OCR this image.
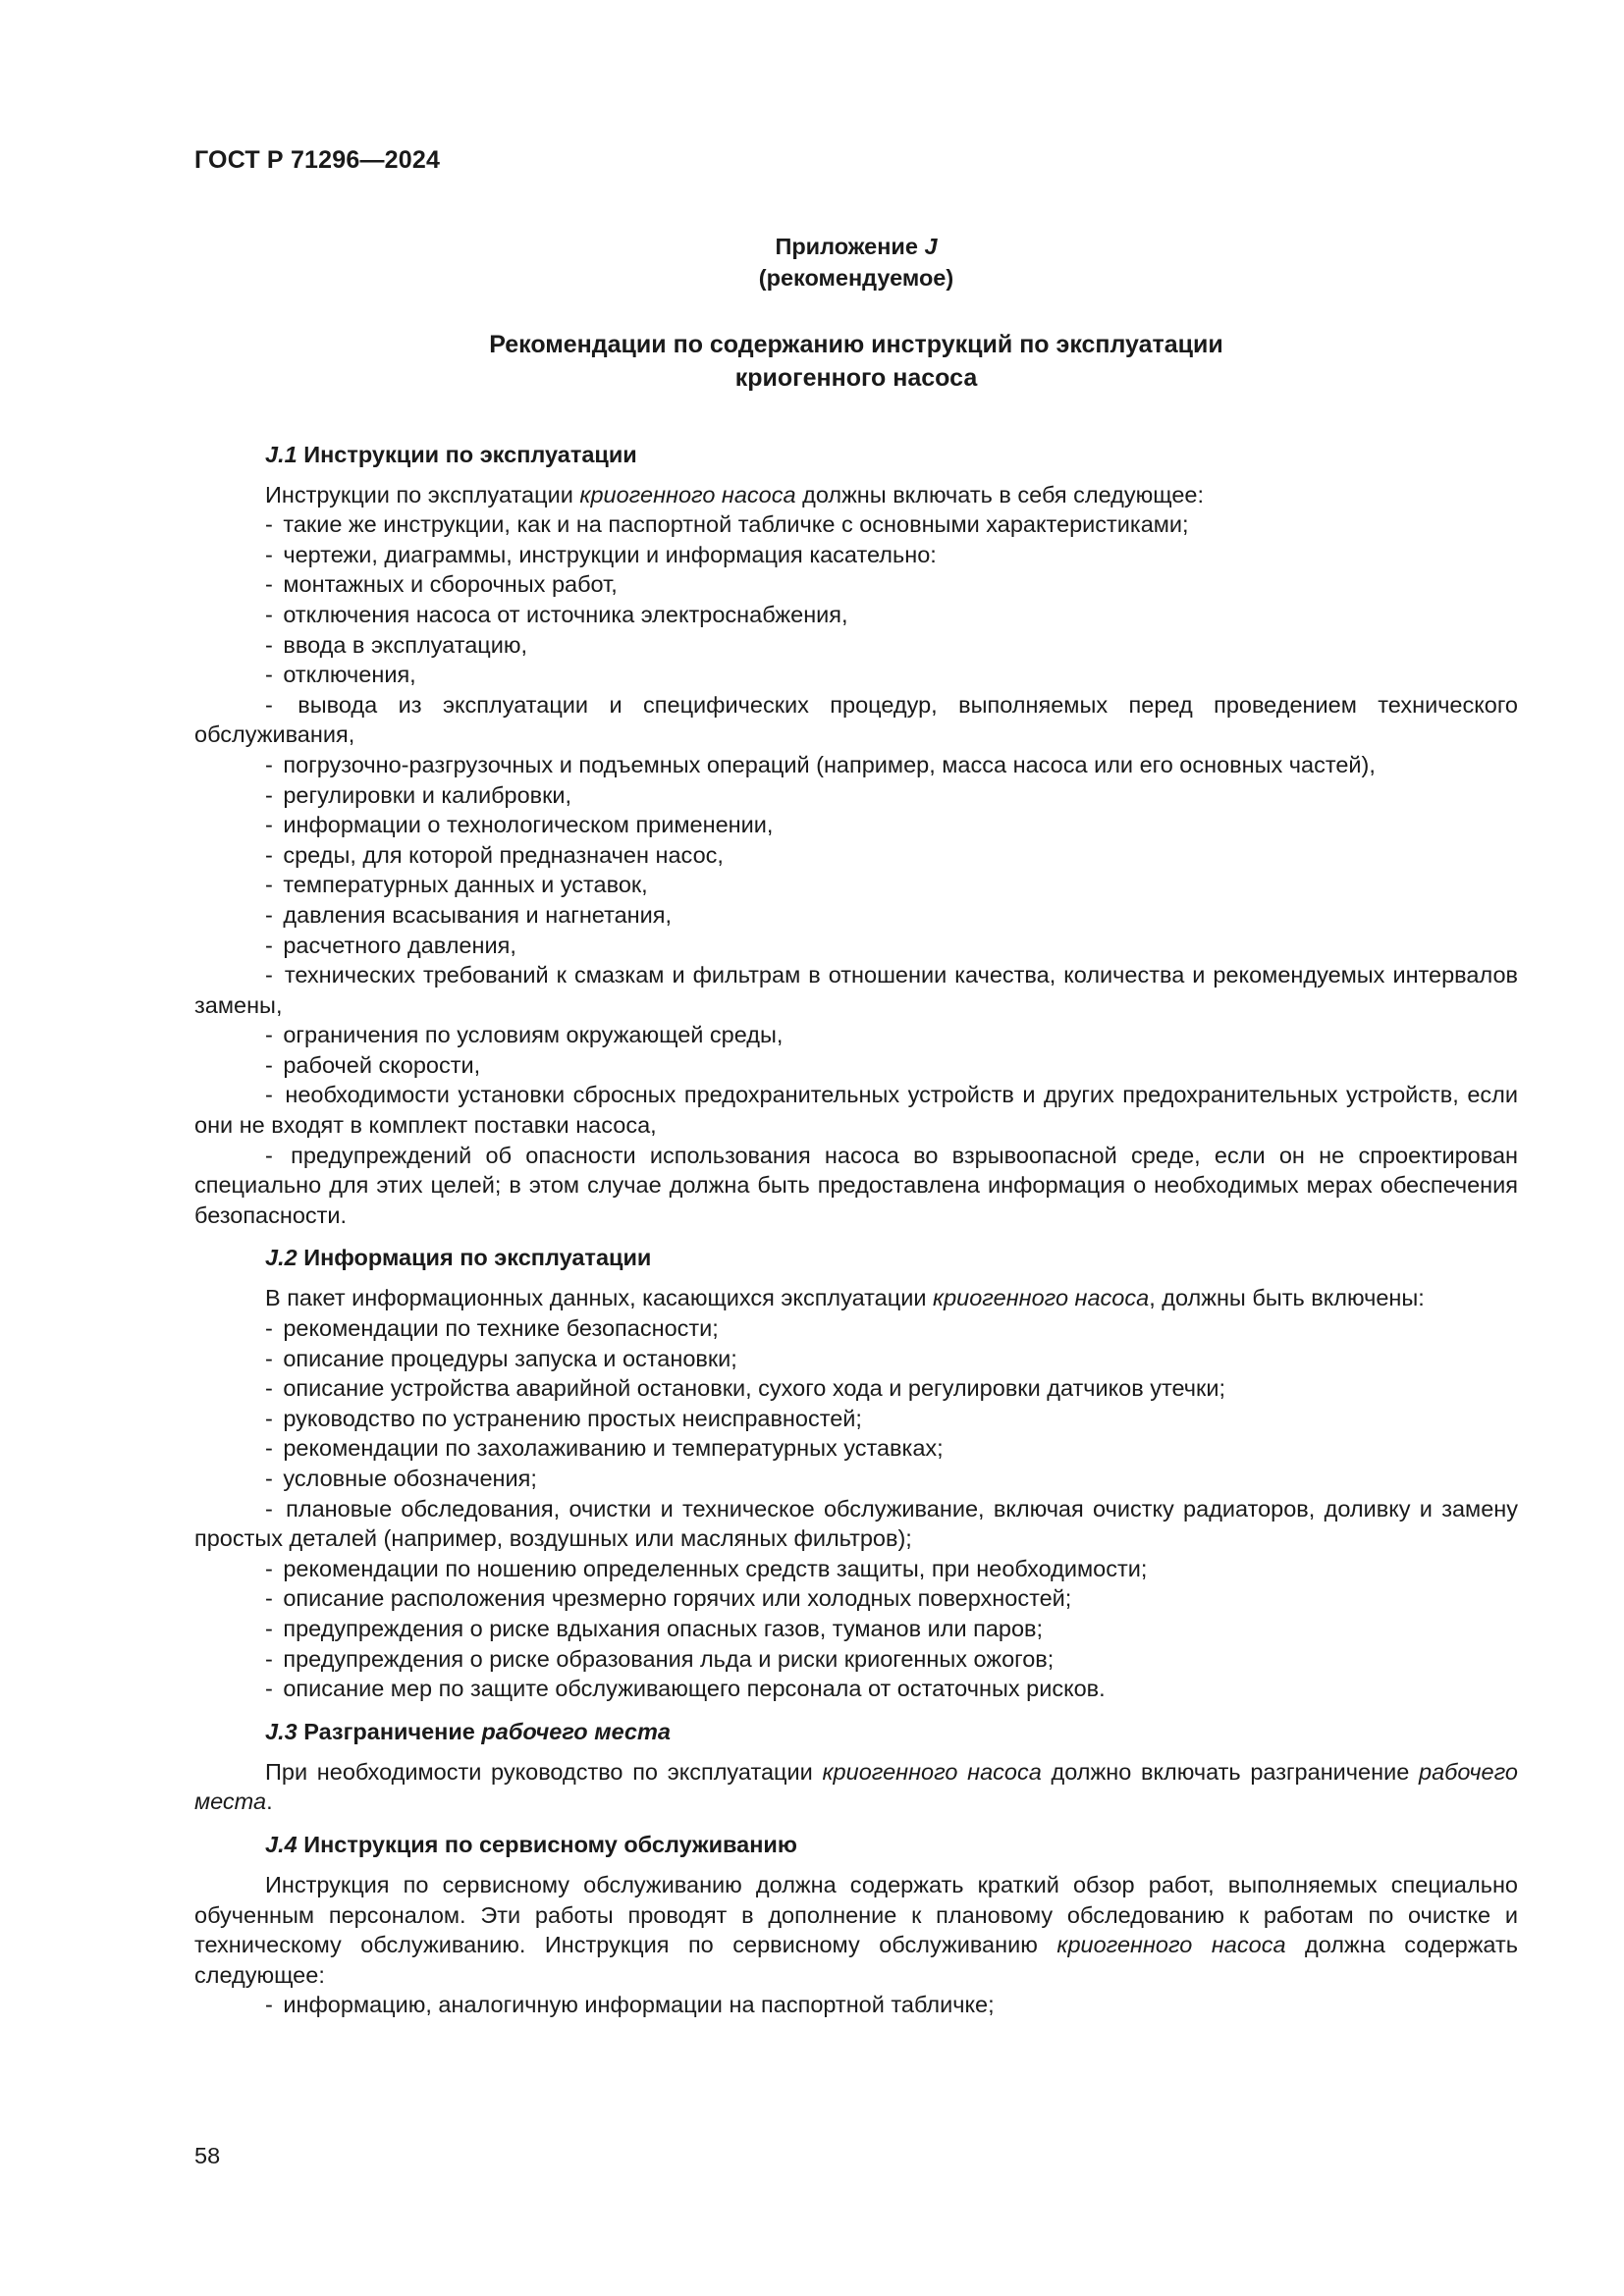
ГОСТ Р 71296—2024

Приложение J

(рекомендуемое)

Рекомендации по содержанию инструкций по эксплуатации
криогенного насоса

J.1 Инструкции по эксплуатации

Инструкции по эксплуатации криогенного насоса должны включать в себя следующее:

- такие же инструкции, как и на паспортной табличке с основными характеристиками;

- чертежи, диаграммы, инструкции и информация касательно:

- монтажных и сборочных работ,

- отключения насоса от источника электроснабжения,

- ввода в эксплуатацию,

- отключения,

- вывода из эксплуатации и специфических процедур, выполняемых перед проведением технического обслуживания,

- погрузочно-разгрузочных и подъемных операций (например, масса насоса или его основных частей),

- регулировки и калибровки,

- информации о технологическом применении,

- среды, для которой предназначен насос,

- температурных данных и уставок,

- давления всасывания и нагнетания,

- расчетного давления,

- технических требований к смазкам и фильтрам в отношении качества, количества и рекомендуемых интервалов замены,

- ограничения по условиям окружающей среды,

- рабочей скорости,

- необходимости установки сбросных предохранительных устройств и других предохранительных устройств, если они не входят в комплект поставки насоса,

- предупреждений об опасности использования насоса во взрывоопасной среде, если он не спроектирован специально для этих целей; в этом случае должна быть предоставлена информация о необходимых мерах обеспечения безопасности.

J.2 Информация по эксплуатации

В пакет информационных данных, касающихся эксплуатации криогенного насоса, должны быть включены:

- рекомендации по технике безопасности;

- описание процедуры запуска и остановки;

- описание устройства аварийной остановки, сухого хода и регулировки датчиков утечки;

- руководство по устранению простых неисправностей;

- рекомендации по захолаживанию и температурных уставках;

- условные обозначения;

- плановые обследования, очистки и техническое обслуживание, включая очистку радиаторов, доливку и замену простых деталей (например, воздушных или масляных фильтров);

- рекомендации по ношению определенных средств защиты, при необходимости;

- описание расположения чрезмерно горячих или холодных поверхностей;

- предупреждения о риске вдыхания опасных газов, туманов или паров;

- предупреждения о риске образования льда и риски криогенных ожогов;

- описание мер по защите обслуживающего персонала от остаточных рисков.

J.3 Разграничение рабочего места

При необходимости руководство по эксплуатации криогенного насоса должно включать разграничение рабочего места.

J.4 Инструкция по сервисному обслуживанию

Инструкция по сервисному обслуживанию должна содержать краткий обзор работ, выполняемых специально обученным персоналом. Эти работы проводят в дополнение к плановому обследованию к работам по очистке и техническому обслуживанию. Инструкция по сервисному обслуживанию криогенного насоса должна содержать следующее:

- информацию, аналогичную информации на паспортной табличке;

58
